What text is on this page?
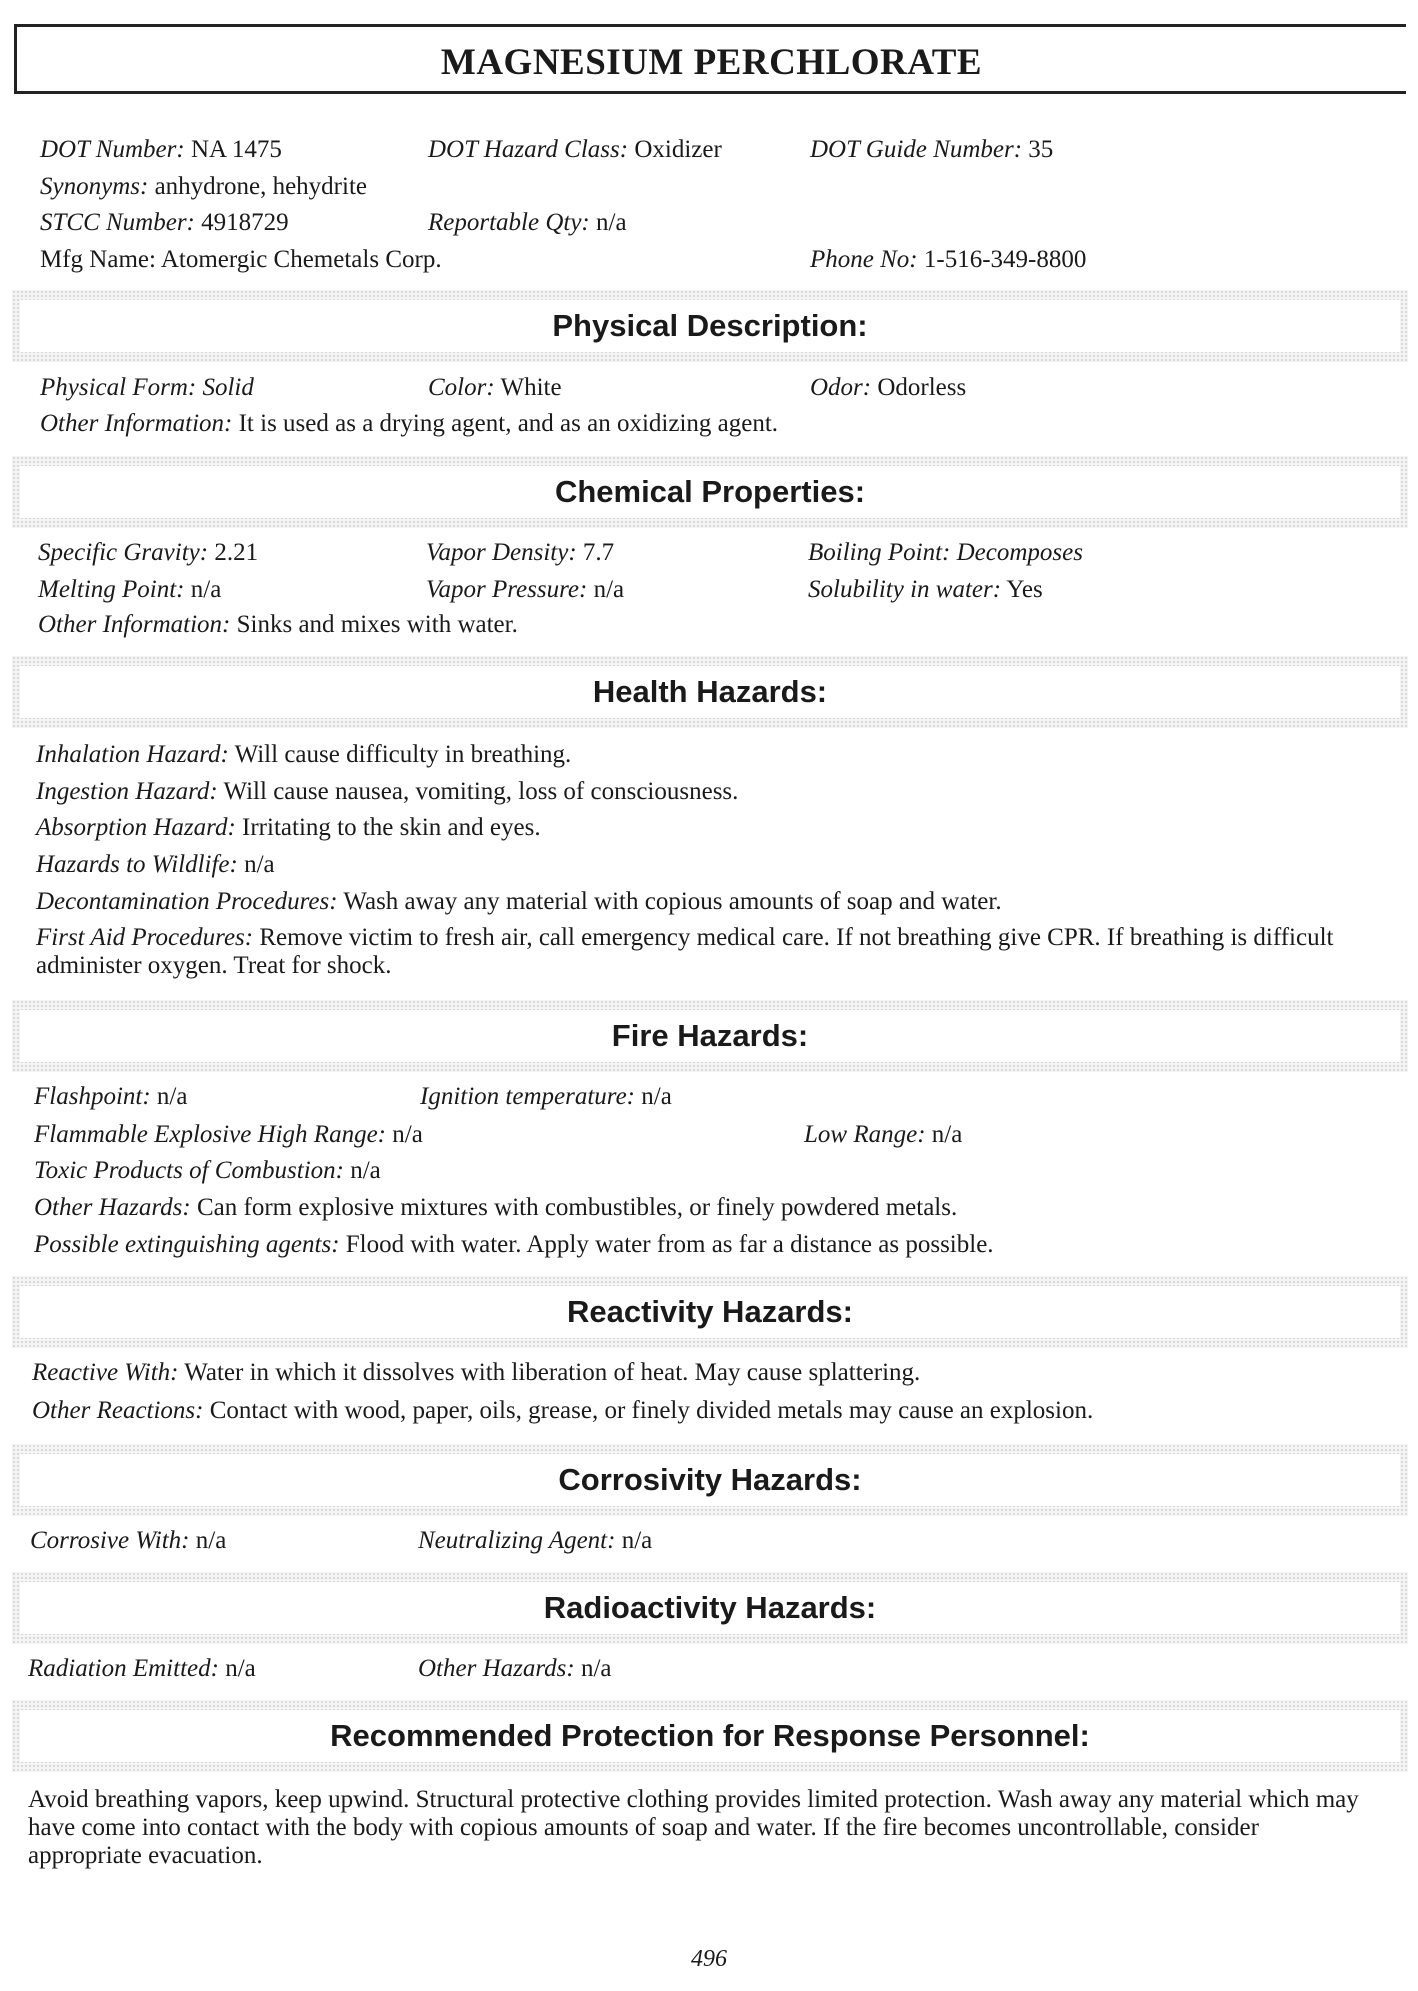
MAGNESIUM PERCHLORATE
DOT Number: NA 1475	DOT Hazard Class: Oxidizer	DOT Guide Number: 35
Synonyms: anhydrone, hehydrite
STCC Number: 4918729	Reportable Qty: n/a
Mfg Name: Atomergic Chemetals Corp.	Phone No: 1-516-349-8800
Physical Description:
Physical Form: Solid	Color: White	Odor: Odorless
Other Information: It is used as a drying agent, and as an oxidizing agent.
Chemical Properties:
Specific Gravity: 2.21	Vapor Density: 7.7	Boiling Point: Decomposes
Melting Point: n/a	Vapor Pressure: n/a	Solubility in water: Yes
Other Information: Sinks and mixes with water.
Health Hazards:
Inhalation Hazard: Will cause difficulty in breathing.
Ingestion Hazard: Will cause nausea, vomiting, loss of consciousness.
Absorption Hazard: Irritating to the skin and eyes.
Hazards to Wildlife: n/a
Decontamination Procedures: Wash away any material with copious amounts of soap and water.
First Aid Procedures: Remove victim to fresh air, call emergency medical care. If not breathing give CPR. If breathing is difficult administer oxygen. Treat for shock.
Fire Hazards:
Flashpoint: n/a	Ignition temperature: n/a
Flammable Explosive High Range: n/a	Low Range: n/a
Toxic Products of Combustion: n/a
Other Hazards: Can form explosive mixtures with combustibles, or finely powdered metals.
Possible extinguishing agents: Flood with water. Apply water from as far a distance as possible.
Reactivity Hazards:
Reactive With: Water in which it dissolves with liberation of heat. May cause splattering.
Other Reactions: Contact with wood, paper, oils, grease, or finely divided metals may cause an explosion.
Corrosivity Hazards:
Corrosive With: n/a	Neutralizing Agent: n/a
Radioactivity Hazards:
Radiation Emitted: n/a	Other Hazards: n/a
Recommended Protection for Response Personnel:
Avoid breathing vapors, keep upwind. Structural protective clothing provides limited protection. Wash away any material which may have come into contact with the body with copious amounts of soap and water. If the fire becomes uncontrollable, consider appropriate evacuation.
496
